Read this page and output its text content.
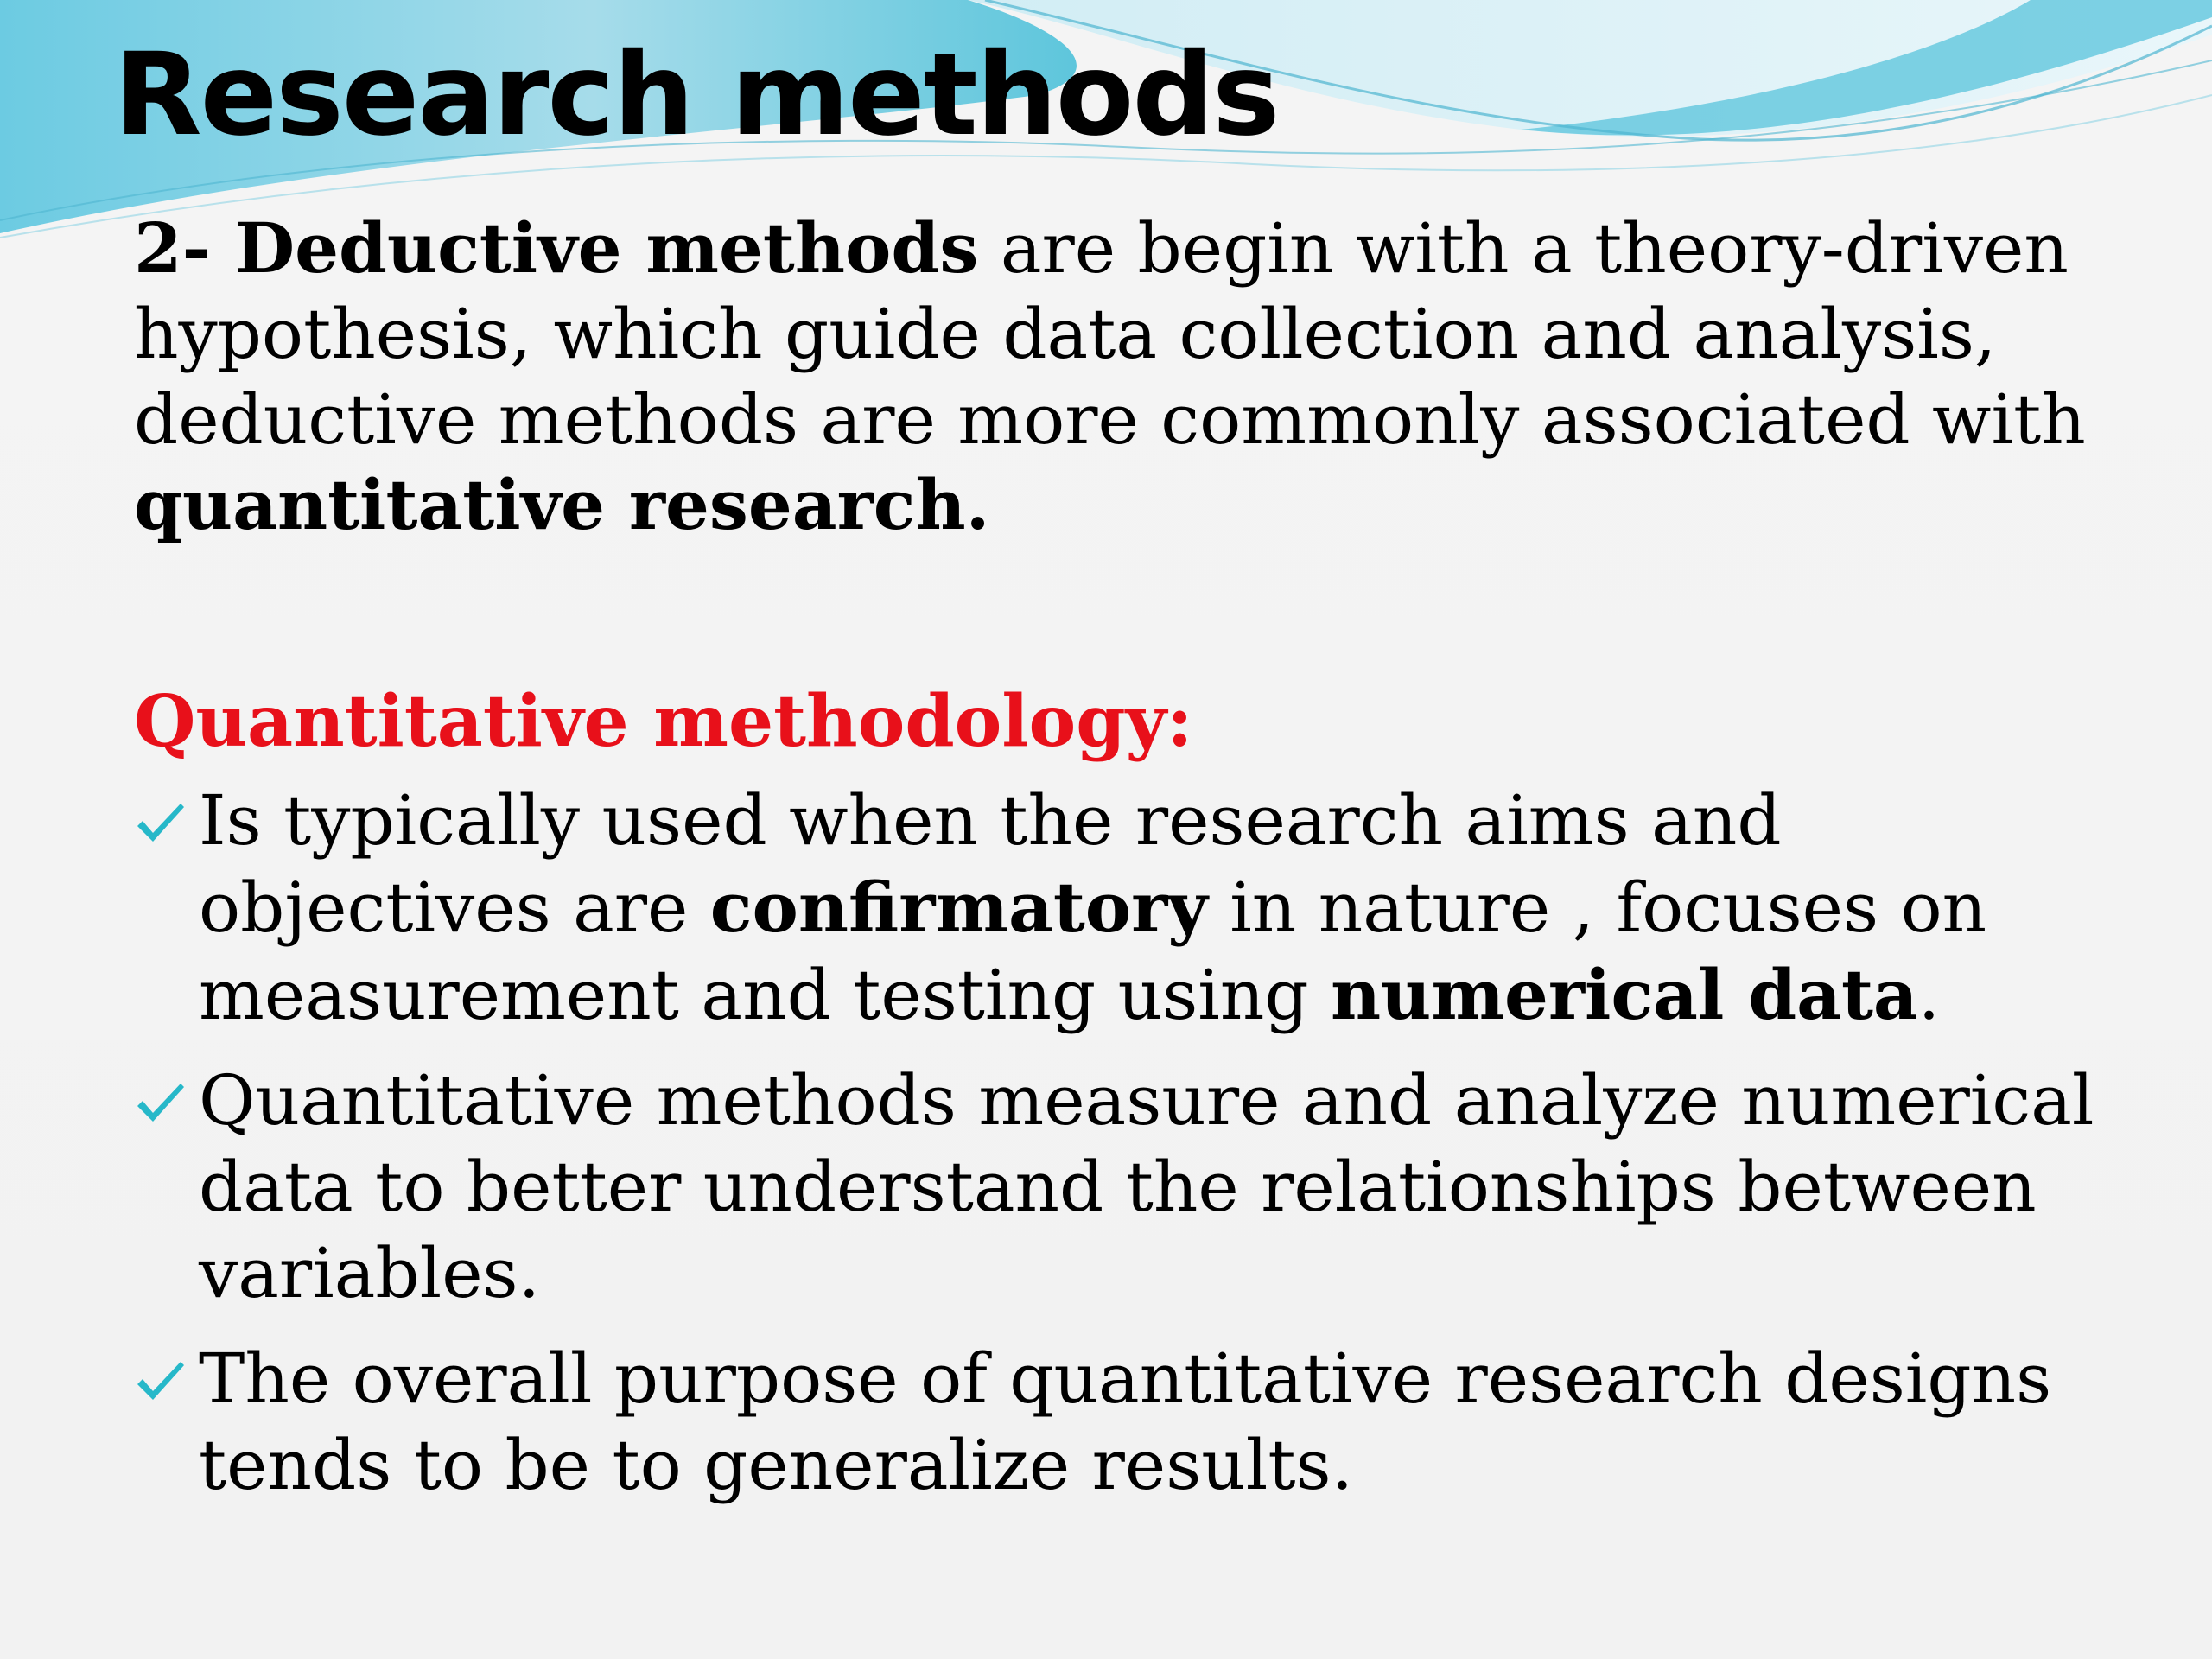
Research methods

2- Deductive methods are begin with a theory-driven hypothesis, which guide data collection and analysis, deductive methods are more commonly associated with quantitative research.

Quantitative methodology:
Is typically used when the research aims and objectives are confirmatory in nature , focuses on measurement and testing using numerical data.
Quantitative methods measure and analyze numerical data to better understand the relationships between variables.
The overall purpose of quantitative research designs tends to be to generalize results.
